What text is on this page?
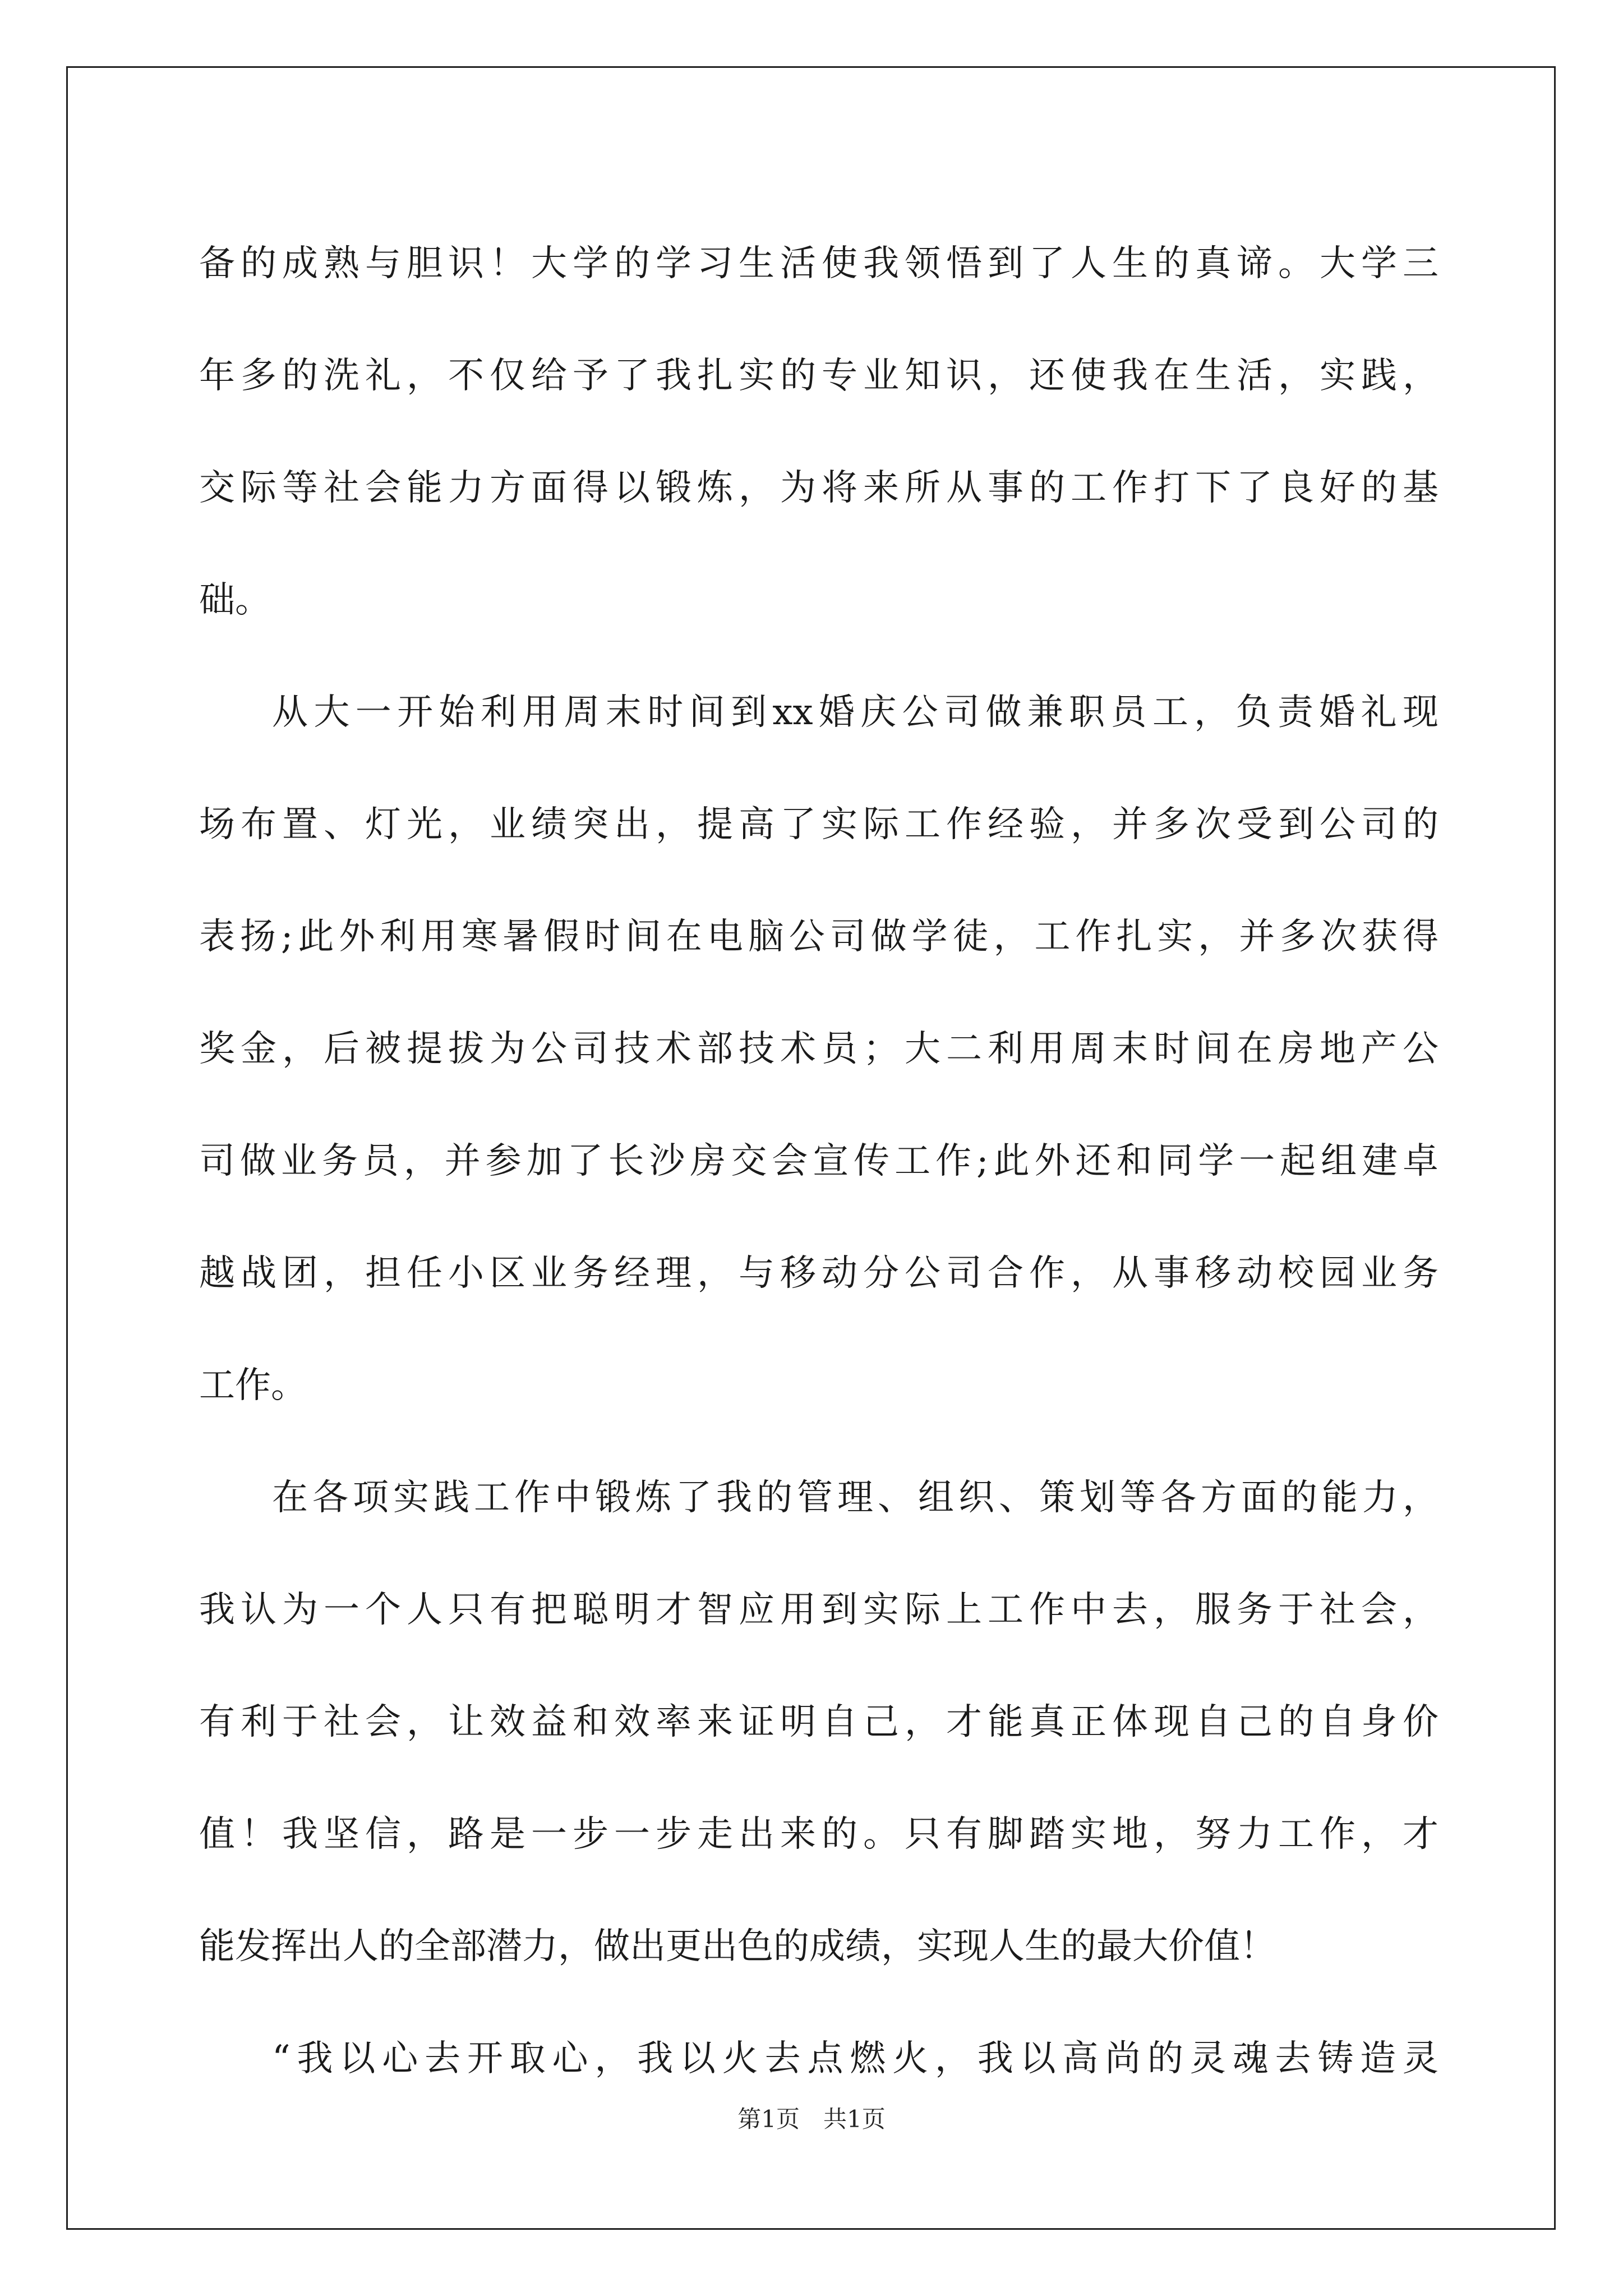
备的成熟与胆识！大学的学习生活使我领悟到了人生的真谛。大学三
年多的洗礼，不仅给予了我扎实的专业知识，还使我在生活，实践，
交际等社会能力方面得以锻炼，为将来所从事的工作打下了良好的基
础。
从大一开始利用周末时间到xx婚庆公司做兼职员工，负责婚礼现
场布置、灯光，业绩突出，提高了实际工作经验，并多次受到公司的
表扬;此外利用寒暑假时间在电脑公司做学徒，工作扎实，并多次获得
奖金，后被提拔为公司技术部技术员；大二利用周末时间在房地产公
司做业务员，并参加了长沙房交会宣传工作;此外还和同学一起组建卓
越战团，担任小区业务经理，与移动分公司合作，从事移动校园业务
工作。
在各项实践工作中锻炼了我的管理、组织、策划等各方面的能力，
我认为一个人只有把聪明才智应用到实际上工作中去，服务于社会，
有利于社会，让效益和效率来证明自己，才能真正体现自己的自身价
值！我坚信，路是一步一步走出来的。只有脚踏实地，努力工作，才
能发挥出人的全部潜力，做出更出色的成绩，实现人生的最大价值！
“我以心去开取心，我以火去点燃火，我以高尚的灵魂去铸造灵
第1页　共1页
